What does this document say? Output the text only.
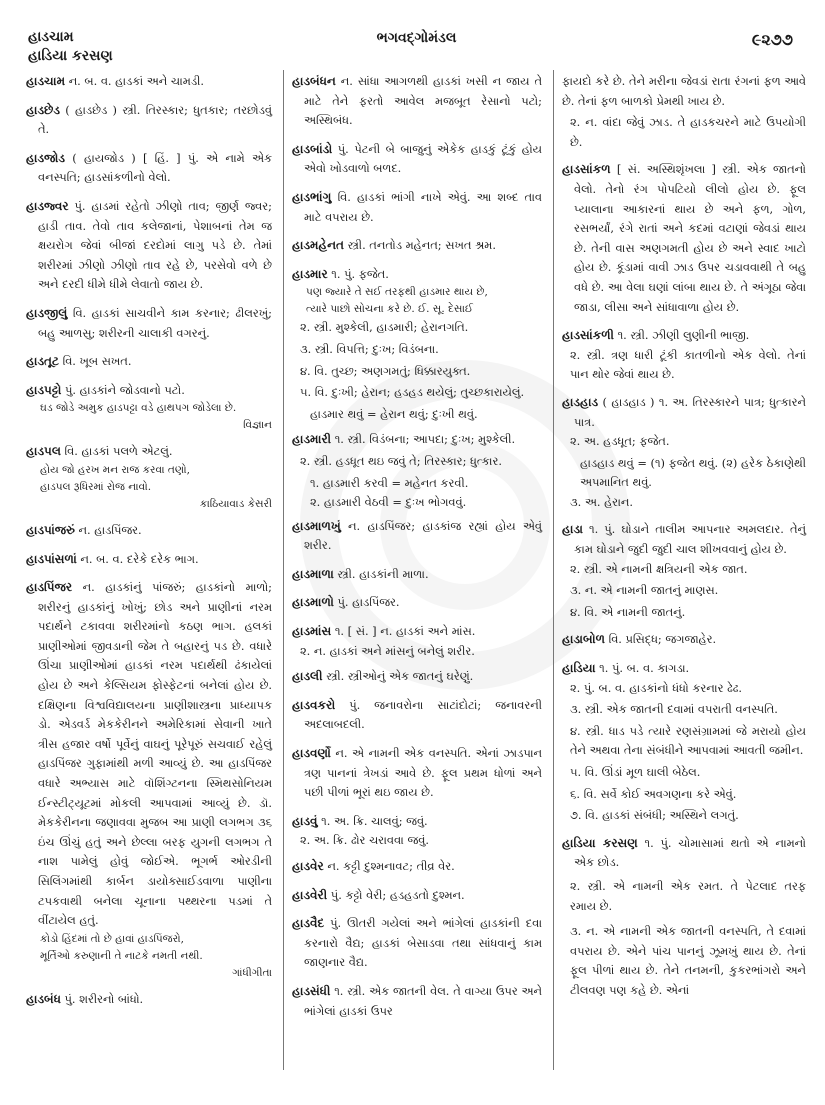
હાડચામ
હાડિયા કરસણ
ભગવદ્ગોમંડલ	૯૨૭૭

હાડચામ ન. બ. વ. હાડકાં અને ચામડી.

હાડછેડ ( હાડછેડ ) સ્ત્રી. તિરસ્કાર; ધુતકાર; તરછોડવું તે.

હાડજોડ ( હાયજોડ ) [ હિં. ] પું. એ નામે એક વનસ્પતિ; હાડસાંકળીનો વેલો.

હાડજ્વર પું. હાડમાં રહેતો ઝીણો તાવ; જીર્ણ જ્વર; હાડી તાવ. તેવો તાવ કલેજાનાં, પેશાબનાં તેમ જ ક્ષયરોગ જેવાં બીજાં દરદોમાં લાગુ પડે છે. તેમાં શરીરમાં ઝીણો ઝીણો તાવ રહે છે, પરસેવો વળે છે અને દરદી ધીમે ધીમે લેવાતો જાય છે.

હાડજીલું વિ. હાડકાં સાચવીને કામ કરનાર; ઢીલરખું; બહુ આળસુ; શરીરની ચાલાકી વગરનું.

હાડતૂટ વિ. ખૂબ સખત.

હાડપટ્ટો પું. હાડકાંને જોડવાનો પટો.

ઘડ જોડે અમુક હાડપટ્ટા વડે હાથપગ જોડેલા છે.

વિજ્ઞાન

હાડપલ વિ. હાડકાં પલળે એટલું.

હોય જો હરખ મન રાજ કરવા તણો,

હાડપલ રૂધિરમાં રોજ નાવો.

કાઠિયાવાડ કેસરી

હાડપાંજરું ન. હાડપિંજર.

હાડપાંસળાં ન. બ. વ. દરેકે દરેક ભાગ.

હાડપિંજર ન. હાડકાંનું પાંજરું; હાડકાંનો માળો; શરીરનું હાડકાંનું ખોખું; છોડ અને પ્રાણીનાં નરમ પદાર્થને ટકાવવા શરીરમાંનો કઠણ ભાગ. હલકાં પ્રાણીઓમાં જીવડાની જેમ તે બહારનું પડ છે. વધારે ઊંચા પ્રાણીઓમાં હાડકાં નરમ પદાર્થથી ઢંકાયેલાં હોય છે અને કેલ્સિયમ ફોસ્ફેટનાં બનેલાં હોય છે. દક્ષિણના વિશ્વવિદ્યાલયના પ્રાણીશાસ્ત્રના પ્રાધ્યાપક ડો. એડવર્ડ મેકકેરીનને અમેરિકામાં સેવાની ખાતે ત્રીસ હજાર વર્ષો પૂર્વેનું વાઘનું પૂરેપૂરું સચવાઈ રહેલું હાડપિંજર ગુફામાંથી મળી આવ્યું છે. આ હાડપિંજર વધારે અભ્યાસ માટે વૉશિંગ્ટનના સ્મિથસોનિયમ ઈન્સ્ટીટ્યૂટમાં મોકલી આપવામાં આવ્યું છે. ડૉ. મેકકેરીનના જણાવવા મુજબ આ પ્રાણી લગભગ ૩૬ ઇંચ ઊંચું હતું અને છેલ્લા બરફ યુગની લગભગ તે નાશ પામેલું હોવું જોઈએ. ભૂગર્ભ ઓરડીની સિલિંગમાંથી કાર્બન ડાયોક્સાઈડવાળા પાણીના ટપકવાથી બનેલા ચૂનાના પથ્થરના પડમાં તે વીંટાયેલ હતું.

કોડો હિંદમાં તો છે હાવાં હાડપિંજરો,

મૂર્તિઓ કરુણાની તે નાટકે નમતી નથી.

ગાંધીગીતા

હાડબંધ પું. શરીરનો બાંધો.

હાડબંધન ન. સાંધા આગળથી હાડકાં ખસી ન જાય તે માટે તેને ફરતો આવેલ મજબૂત રેસાનો પટો; અસ્થિબંધ.

હાડબાંડો પું. પેટની બે બાજુનું એકેક હાડકું ટૂંકું હોય એવો ખોડવાળો બળદ.

હાડભાંગુ વિ. હાડકાં ભાંગી નાખે એવું. આ શબ્દ તાવ માટે વપરાય છે.

હાડમહેનત સ્ત્રી. તનતોડ મહેનત; સખત શ્રમ.

હાડમાર ૧. પું. ફજેત.

પણ જ્યારે તે સઈ તરફથી હાડમાર થાય છે,

ત્યારે પાછો સોચના કરે છે. ઈ. સૂ. દેસાઈ

૨. સ્ત્રી. મુશ્કેલી, હાડમારી; હેરાનગતિ.

૩. સ્ત્રી. વિપત્તિ; દુઃખ; વિડંબના.

૪. વિ. તુચ્છ; અણગમતું; ધિક્કારયુક્ત.

૫. વિ. દુઃખી; હેરાન; હડહડ થયેલું; તુચ્છકારાયેલું.

હાડમાર થવું = હેરાન થવું; દુઃખી થવું.

હાડમારી ૧. સ્ત્રી. વિડંબના; આપદા; દુઃખ; મુશ્કેલી.

૨. સ્ત્રી. હડધૂત થઇ જવું તે; તિરસ્કાર; ધુત્કાર.

૧. હાડમારી કરવી = મહેનત કરવી.

૨. હાડમારી વેઠવી = દુઃખ ભોગવવું.

હાડમાળખું ન. હાડપિંજર; હાડકાંજ રહ્યાં હોય એવું શરીર.

હાડમાળા સ્ત્રી. હાડકાંની માળા.

હાડમાળો પું. હાડપિંજર.

હાડમાંસ ૧. [ સં. ] ન. હાડકાં અને માંસ.

૨. ન. હાડકાં અને માંસનું બનેલું શરીર.

હાડલી સ્ત્રી. સ્ત્રીઓનું એક જાતનું ઘરેણું.

હાડવકરો પું. જનાવરોના સાટાંદોટાં; જનાવરની અદલાબદલી.

હાડવર્ણો ન. એ નામની એક વનસ્પતિ. એનાં ઝાડપાન ત્રણ પાનનાં ત્રેખડાં આવે છે. ફૂલ પ્રથમ ધોળાં અને પછી પીળાં ભૂરાં થઇ જાય છે.

હાડવું ૧. અ. ક્રિ. ચાલવું; જવું.

૨. અ. ક્રિ. ઢોર ચરાવવા જવું.

હાડવેર ન. કટ્ટી દુશ્મનાવટ; તીવ્ર વેર.

હાડવેરી પું. કટ્ટો વેરી; હડહડતો દુશ્મન.

હાડવૈદ પું. ઊતરી ગયેલાં અને ભાંગેલાં હાડકાંની દવા કરનારો વૈદ્ય; હાડકાં બેસાડવા તથા સાંધવાનું કામ જાણનાર વૈદ્ય.

હાડસંધી ૧. સ્ત્રી. એક જાતની વેલ. તે વાગ્યા ઉપર અને ભાંગેલાં હાડકાં ઉપર

ફાયદો કરે છે. તેને મરીના જેવડાં રાતા રંગનાં ફળ આવે છે. તેનાં ફળ બાળકો પ્રેમથી ખાય છે.

૨. ન. વાંદા જેવું ઝાડ. તે હાડકચરને માટે ઉપયોગી છે.

હાડસાંકળ [ સં. અસ્થિશૃંખલા ] સ્ત્રી. એક જાતનો વેલો. તેનો રંગ પોપટિયો લીલો હોય છે. ફૂલ પ્યાલાના આકારનાં થાય છે અને ફળ, ગોળ, રસભર્યાં, રંગે રાતાં અને કદમાં વટાણાં જેવડાં થાય છે. તેની વાસ અણગમતી હોય છે અને સ્વાદ ખાટો હોય છે. કૂંડામાં વાવી ઝાડ ઉપર ચડાવવાથી તે બહુ વધે છે. આ વેલા ઘણાં લાંબા થાય છે. તે અંગૂઠા જેવા જાડા, લીસા અને સાંધાવાળા હોય છે.

હાડસાંકળી ૧. સ્ત્રી. ઝીણી લુણીની ભાજી.

૨. સ્ત્રી. ત્રણ ધારી ટૂંકી કાતળીનો એક વેલો. તેનાં પાન થોર જેવાં થાય છે.

હાડહાડ ( હાડહાડ ) ૧. અ. તિરસ્કારને પાત્ર; ધુત્કારને પાત્ર.

૨. અ. હડધૂત; ફજેત.

હાડહાડ થવું = (૧) ફજેત થવું. (૨) હરેક ઠેકાણેથી અપમાનિત થવું.

૩. અ. હેરાન.

હાડા ૧. પું. ઘોડાને તાલીમ આપનાર અમલદાર. તેનું કામ ઘોડાને જુદી જુદી ચાલ શીખવવાનું હોય છે.

૨. સ્ત્રી. એ નામની ક્ષત્રિયની એક જાત.

૩. ન. એ નામની જાતનું માણસ.

૪. વિ. એ નામની જાતનું.

હાડાબોળ વિ. પ્રસિદ્ધ; જગજાહેર.

હાડિયા ૧. પું. બ. વ. કાગડા.

૨. પું. બ. વ. હાડકાંનો ધંધો કરનાર ઢેઢ.

૩. સ્ત્રી. એક જાતની દવામાં વપરાતી વનસ્પતિ.

૪. સ્ત્રી. ધાડ પડે ત્યારે રણસંગ્રામમાં જે મરાયો હોય તેને અથવા તેના સંબંધીને આપવામાં આવતી જમીન.

૫. વિ. ઊંડાં મૂળ ઘાલી બેઠેલ.

૬. વિ. સર્વે કોઈ અવગણના કરે એવું.

૭. વિ. હાડકાં સંબંધી; અસ્થિને લગતું.

હાડિયા કરસણ ૧. પું. ચોમાસામાં થતો એ નામનો એક છોડ.

૨. સ્ત્રી. એ નામની એક રમત. તે પેટલાદ તરફ રમાય છે.

૩. ન. એ નામની એક જાતની વનસ્પતિ, તે દવામાં વપરાય છે. એને પાંચ પાનનું ઝૂમખું થાય છે. તેનાં ફૂલ પીળાં થાય છે. તેને તનમની, કુકરભાંગરો અને ટીલવણ પણ કહે છે. એનાં
